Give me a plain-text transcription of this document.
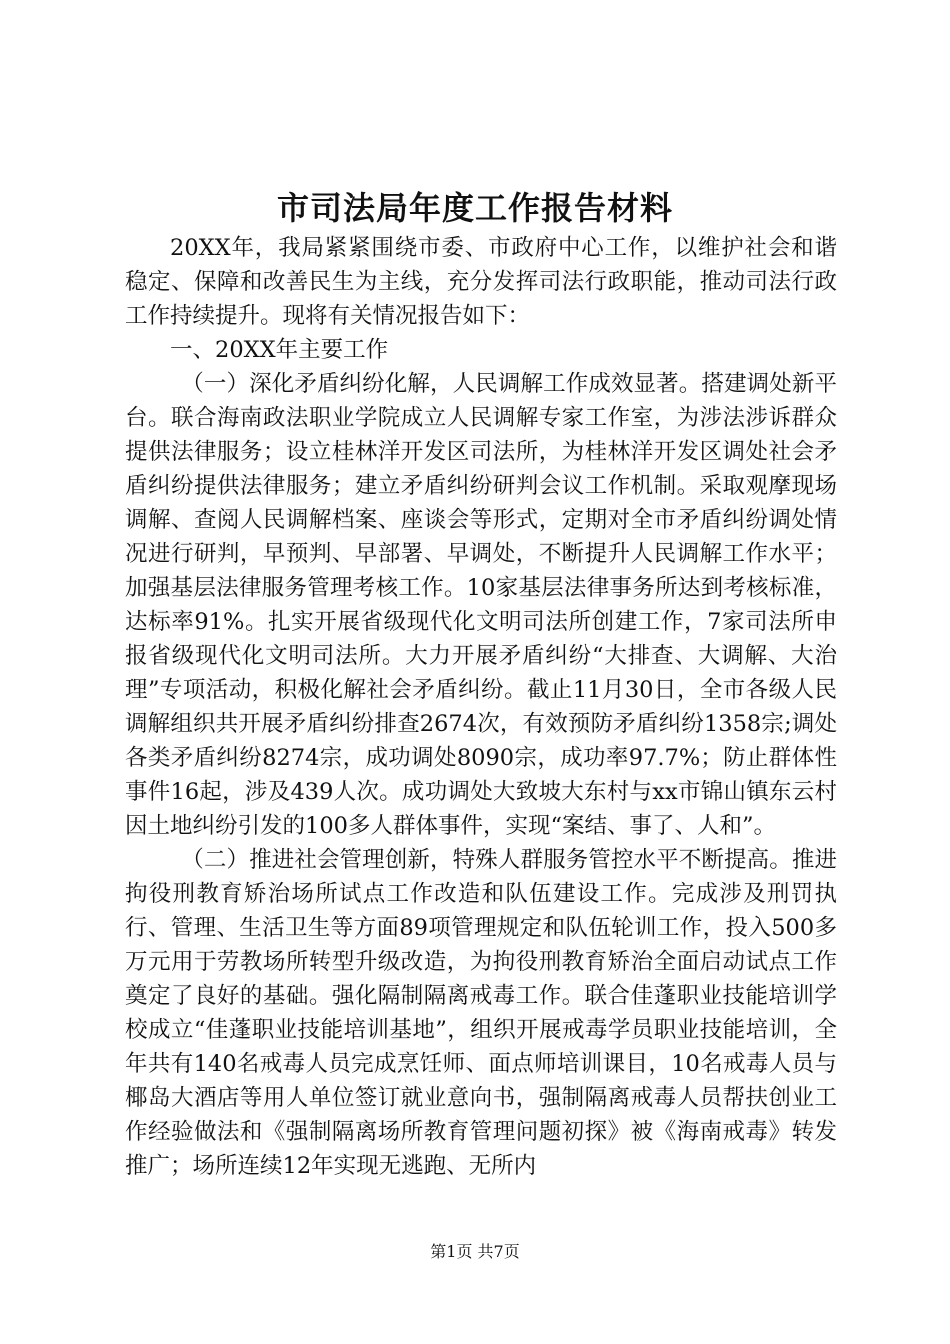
市司法局年度工作报告材料

20XX年，我局紧紧围绕市委、市政府中心工作，以维护社会和谐稳定、保障和改善民生为主线，充分发挥司法行政职能，推动司法行政工作持续提升。现将有关情况报告如下：

一、20XX年主要工作

（一）深化矛盾纠纷化解，人民调解工作成效显著。搭建调处新平台。联合海南政法职业学院成立人民调解专家工作室，为涉法涉诉群众提供法律服务；设立桂林洋开发区司法所，为桂林洋开发区调处社会矛盾纠纷提供法律服务；建立矛盾纠纷研判会议工作机制。采取观摩现场调解、查阅人民调解档案、座谈会等形式，定期对全市矛盾纠纷调处情况进行研判，早预判、早部署、早调处，不断提升人民调解工作水平；加强基层法律服务管理考核工作。10家基层法律事务所达到考核标准，达标率91%。扎实开展省级现代化文明司法所创建工作，7家司法所申报省级现代化文明司法所。大力开展矛盾纠纷“大排查、大调解、大治理”专项活动，积极化解社会矛盾纠纷。截止11月30日，全市各级人民调解组织共开展矛盾纠纷排查2674次，有效预防矛盾纠纷1358宗;调处各类矛盾纠纷8274宗，成功调处8090宗，成功率97.7%；防止群体性事件16起，涉及439人次。成功调处大致坡大东村与xx市锦山镇东云村因土地纠纷引发的100多人群体事件，实现“案结、事了、人和”。

（二）推进社会管理创新，特殊人群服务管控水平不断提高。推进拘役刑教育矫治场所试点工作改造和队伍建设工作。完成涉及刑罚执行、管理、生活卫生等方面89项管理规定和队伍轮训工作，投入500多万元用于劳教场所转型升级改造，为拘役刑教育矫治全面启动试点工作奠定了良好的基础。强化隔制隔离戒毒工作。联合佳蓬职业技能培训学校成立“佳蓬职业技能培训基地”，组织开展戒毒学员职业技能培训，全年共有140名戒毒人员完成烹饪师、面点师培训课目，10名戒毒人员与椰岛大酒店等用人单位签订就业意向书，强制隔离戒毒人员帮扶创业工作经验做法和《强制隔离场所教育管理问题初探》被《海南戒毒》转发推广；场所连续12年实现无逃跑、无所内

第1页 共7页
